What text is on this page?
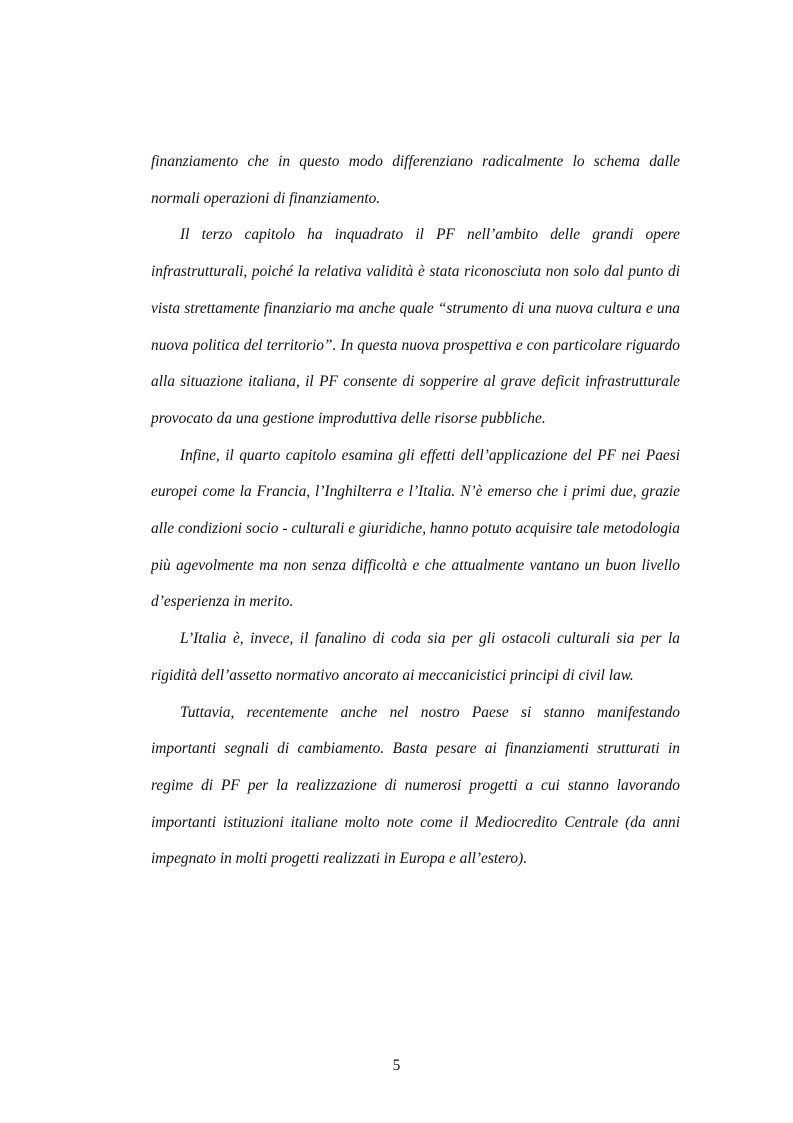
finanziamento che in questo modo differenziano radicalmente lo schema dalle normali operazioni di finanziamento.

Il terzo capitolo ha inquadrato il PF nell’ambito delle grandi opere infrastrutturali, poiché la relativa validità è stata riconosciuta non solo dal punto di vista strettamente finanziario ma anche quale “strumento di una nuova cultura e una nuova politica del territorio”. In questa nuova prospettiva e con particolare riguardo alla situazione italiana, il PF consente di sopperire al grave deficit infrastrutturale provocato da una gestione improduttiva delle risorse pubbliche.

Infine, il quarto capitolo esamina gli effetti dell’applicazione del PF nei Paesi europei come la Francia, l’Inghilterra e l’Italia. N’è emerso che i primi due, grazie alle condizioni socio - culturali e giuridiche, hanno potuto acquisire tale metodologia più agevolmente ma non senza difficoltà e che attualmente vantano un buon livello d’esperienza in merito.

L’Italia è, invece, il fanalino di coda sia per gli ostacoli culturali sia per la rigidità dell’assetto normativo ancorato ai meccanicistici principi di civil law.

Tuttavia, recentemente anche nel nostro Paese si stanno manifestando importanti segnali di cambiamento. Basta pesare ai finanziamenti strutturati in regime di PF per la realizzazione di numerosi progetti a cui stanno lavorando importanti istituzioni italiane molto note come il Mediocredito Centrale (da anni impegnato in molti progetti realizzati in Europa e all’estero).

5
